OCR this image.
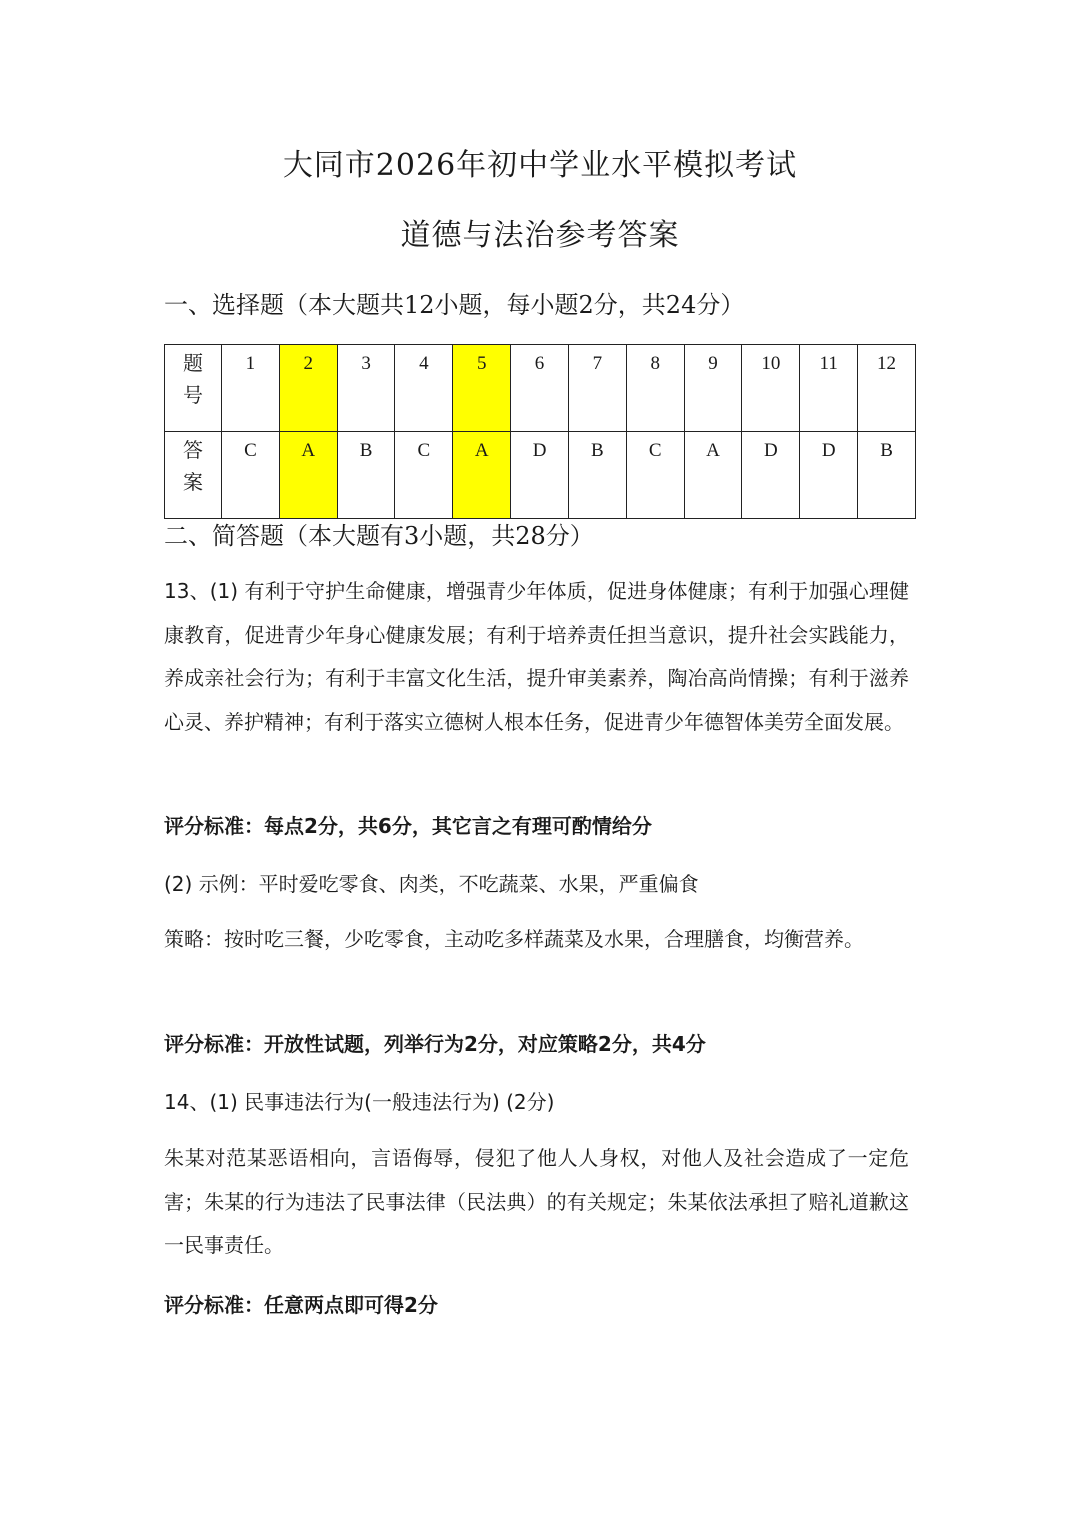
大同市2026年初中学业水平模拟考试
道德与法治参考答案
一、选择题（本大题共12小题，每小题2分，共24分）
题
号	1	2	3	4	5	6	7	8	9	10	11	12
答
案	C	A	B	C	A	D	B	C	A	D	D	B
二、简答题（本大题有3小题，共28分）
13、(1) 有利于守护生命健康，增强青少年体质，促进身体健康；有利于加强心理健康教育，促进青少年身心健康发展；有利于培养责任担当意识，提升社会实践能力，养成亲社会行为；有利于丰富文化生活，提升审美素养，陶冶高尚情操；有利于滋养心灵、养护精神；有利于落实立德树人根本任务，促进青少年德智体美劳全面发展。
评分标准：每点2分，共6分，其它言之有理可酌情给分
(2) 示例：平时爱吃零食、肉类，不吃蔬菜、水果，严重偏食
策略：按时吃三餐，少吃零食，主动吃多样蔬菜及水果，合理膳食，均衡营养。
评分标准：开放性试题，列举行为2分，对应策略2分，共4分
14、(1) 民事违法行为(一般违法行为) (2分)
朱某对范某恶语相向，言语侮辱，侵犯了他人人身权，对他人及社会造成了一定危害；朱某的行为违法了民事法律（民法典）的有关规定；朱某依法承担了赔礼道歉这一民事责任。
评分标准：任意两点即可得2分
